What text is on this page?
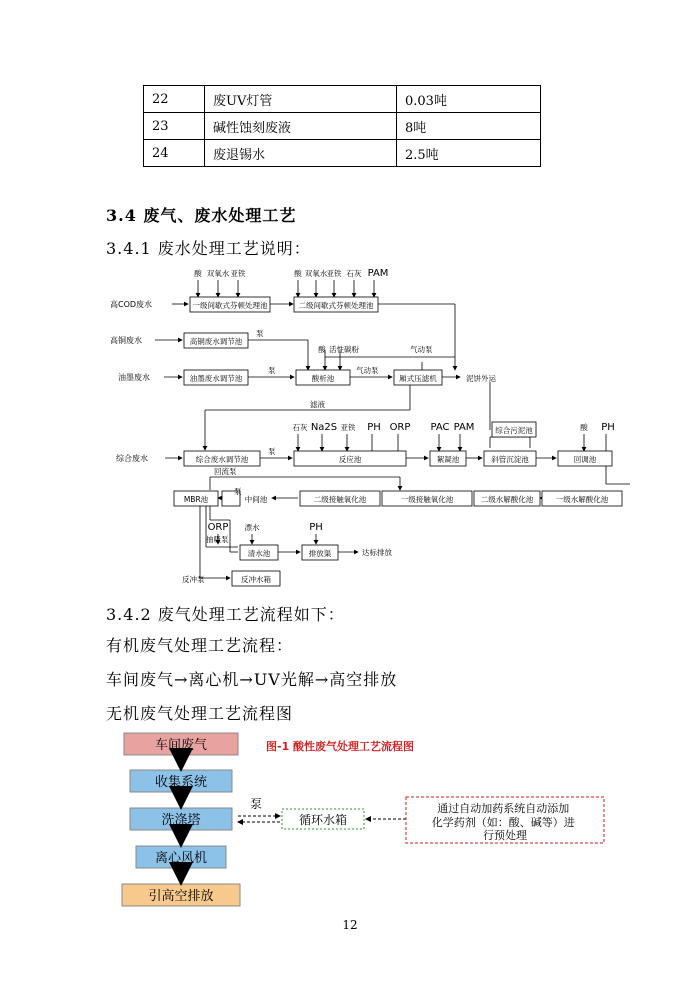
22	废UV灯管	0.03吨
23	碱性蚀刻废液	8吨
24	废退锡水	2.5吨
3.4 废气、废水处理工艺
3.4.1 废水处理工艺说明：
高COD废水
高铜废水
油墨废水
综合废水
一级间歇式芬顿处理池	二级间歇式芬顿处理池
高铜废水调节池
油墨废水调节池	酸析池	厢式压滤机
综合废水调节池	反应池	絮凝池	斜管沉淀池
综合污泥池
回调池
MBR池	中间池	二级接触氧化池	一级接触氧化池	二级水解酸化池	一级水解酸化池
清水池	排放渠
反冲水箱
酸 双氧水 亚铁	酸 双氧水 亚铁 石灰 PAM
酸 活性碳粉
石灰 Na2S 亚铁 PH ORP PAC PAM	酸 PH
ORP 漂水	PH
泵
泵	气动泵
气动泵
滤液
泥饼外运
泵
回流泵
泵
抽吸泵
反冲泵
达标排放
3.4.2 废气处理工艺流程如下：
有机废气处理工艺流程：
车间废气→离心机→UV光解→高空排放
无机废气处理工艺流程图
车间废气
收集系统
洗涤塔
离心风机
引高空排放
泵
循环水箱
通过自动加药系统自动添加 化学药剂（如：酸、碱等）进 行预处理
图-1 酸性废气处理工艺流程图
12
